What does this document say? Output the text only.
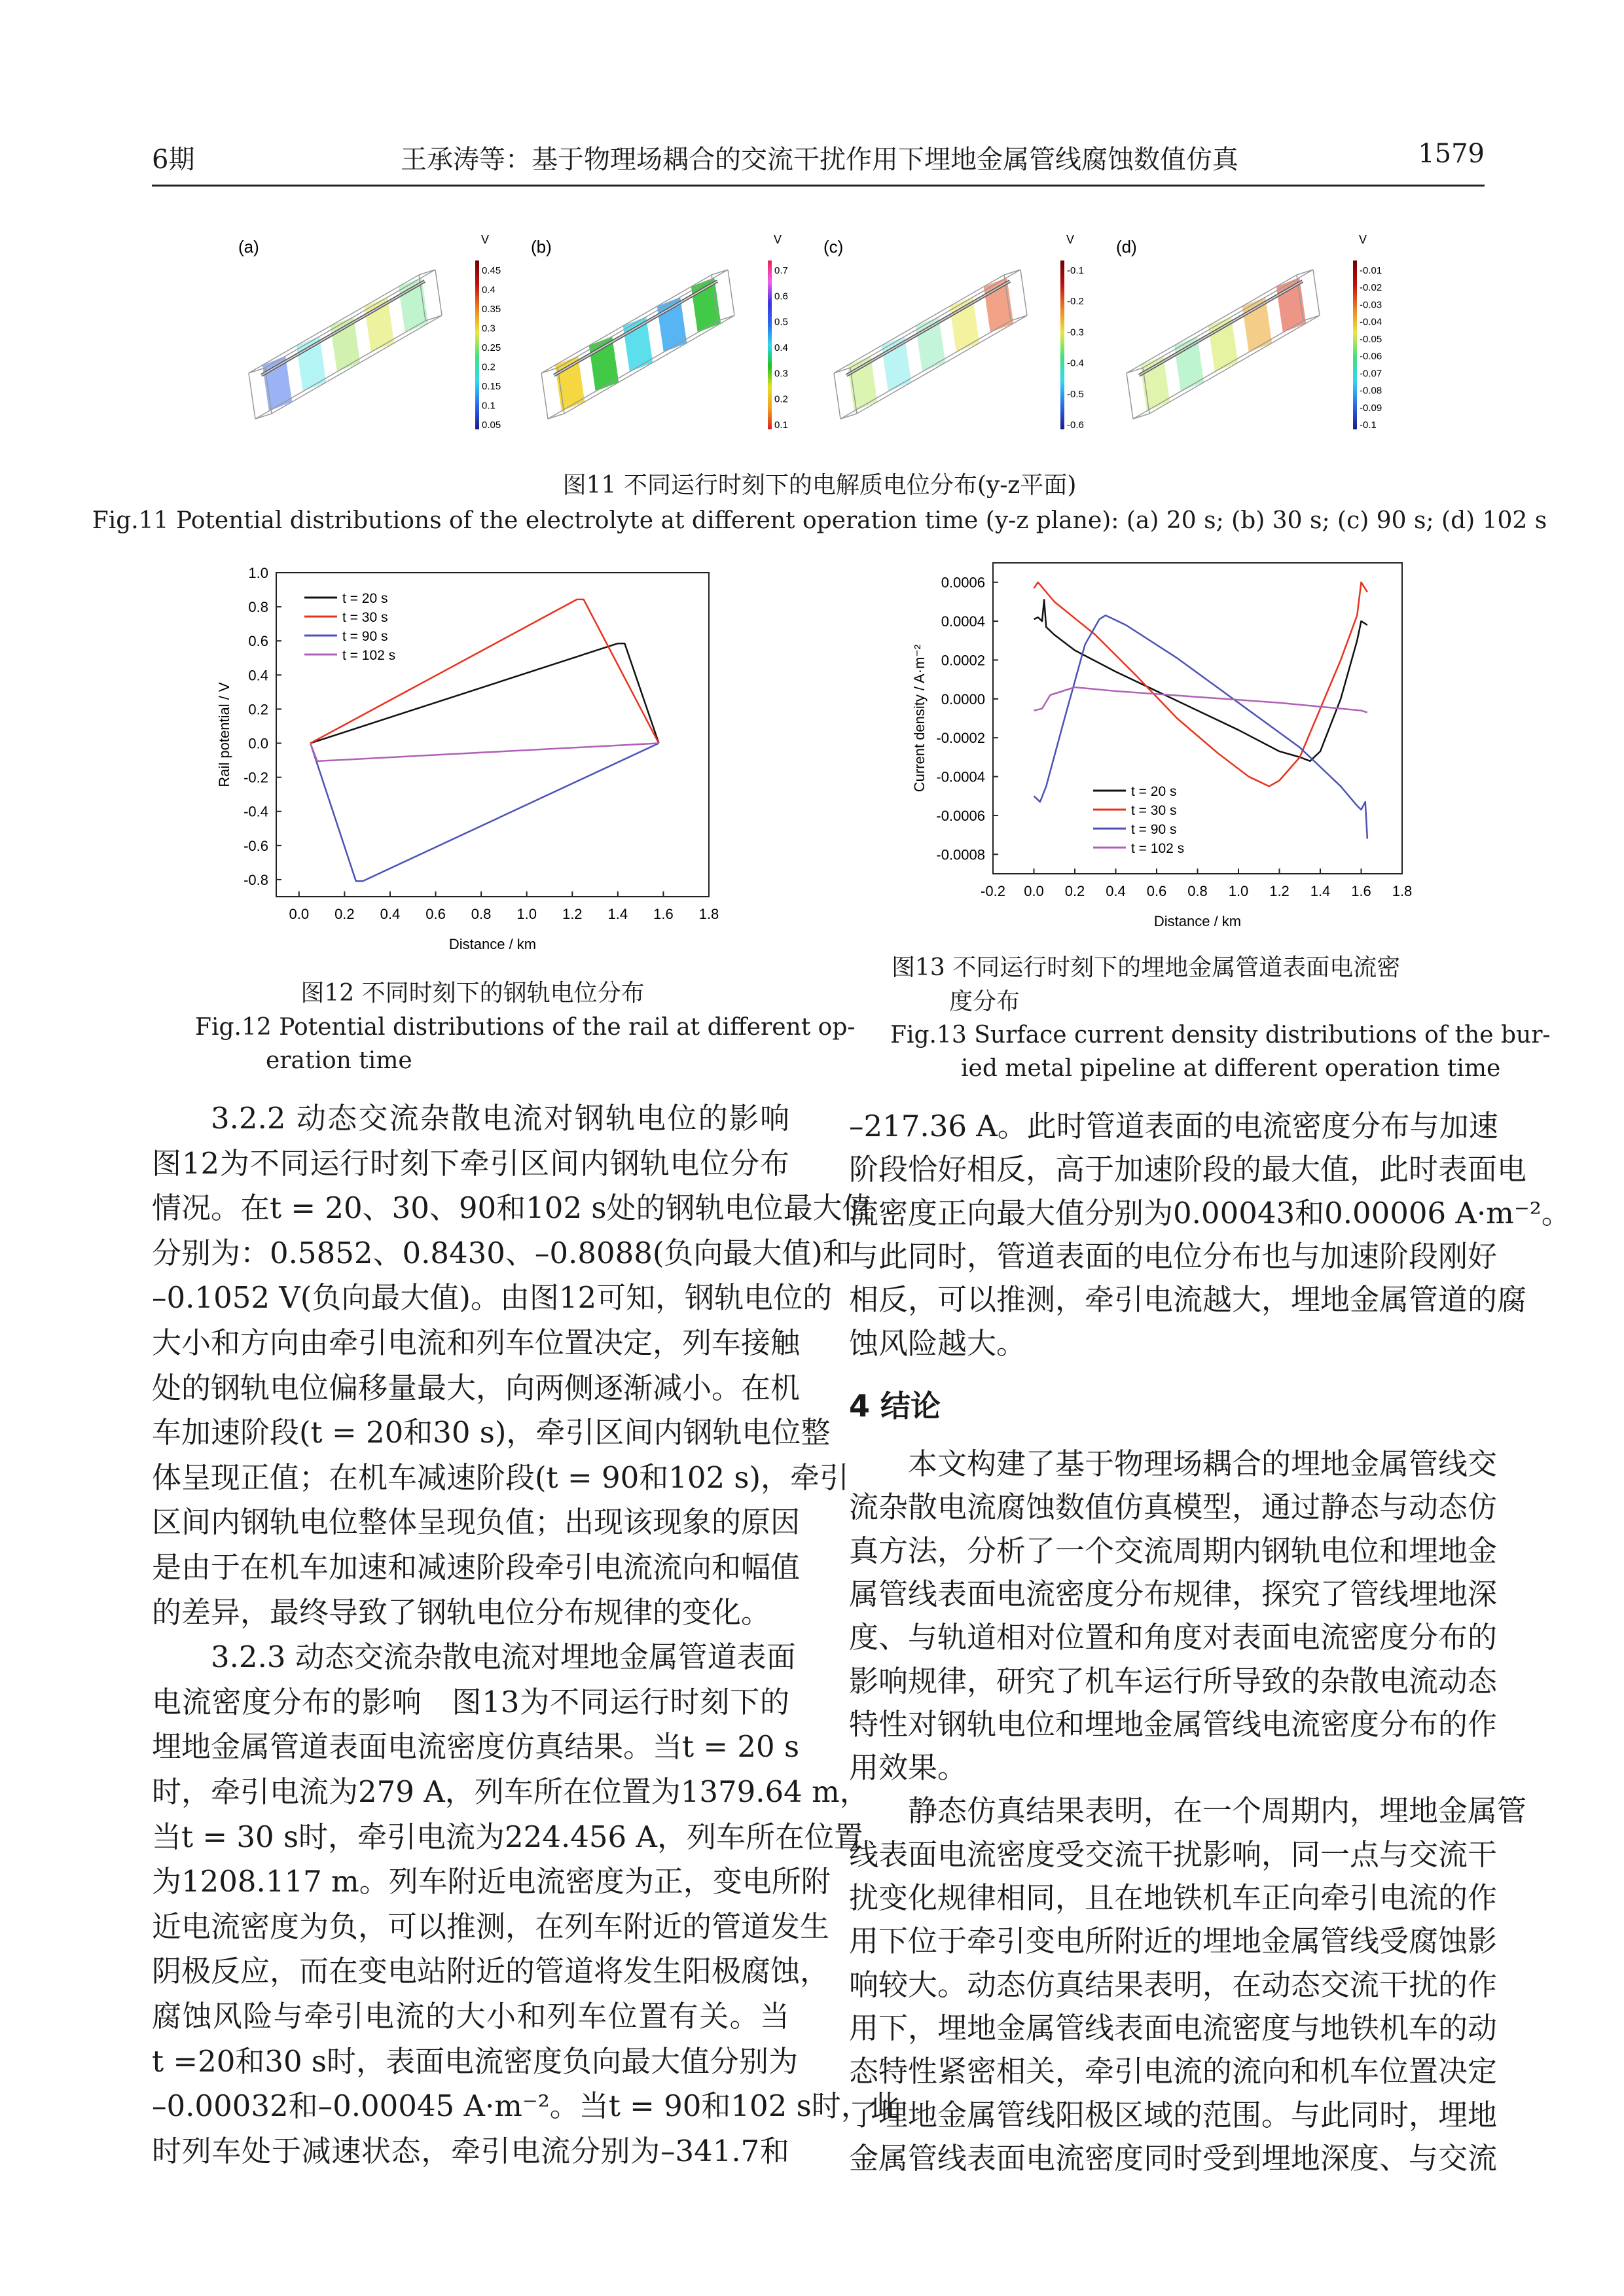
6期	王承涛等：基于物理场耦合的交流干扰作用下埋地金属管线腐蚀数值仿真	1579
(a)	V
0.45
0.4
0.35
0.3
0.25
0.2
0.15
0.1
0.05
(b)	V
0.7
0.6
0.5
0.4
0.3
0.2
0.1
(c)	V
-0.1
-0.2
-0.3
-0.4
-0.5
-0.6
(d)	V
-0.01
-0.02
-0.03
-0.04
-0.05
-0.06
-0.07
-0.08
-0.09
-0.1
图11 不同运行时刻下的电解质电位分布(y-z平面)
Fig.11 Potential distributions of the electrolyte at different operation time (y-z plane): (a) 20 s; (b) 30 s; (c) 90 s; (d) 102 s
0.0 0.2 0.4 0.6 0.8 1.0 1.2 1.4 1.6 1.8
1.0
0.8
0.6
0.4
0.2
0.0
-0.2
-0.4
-0.6
-0.8
Distance / km
Rail potential / V
t = 20 s
t = 30 s
t = 90 s
t = 102 s
-0.2 0.0 0.2 0.4 0.6 0.8 1.0 1.2 1.4 1.6 1.8
0.0006
0.0004
0.0002
0.0000
-0.0002
-0.0004
-0.0006
-0.0008
Distance / km
Current density / A·m⁻²	t = 20 s
t = 30 s
t = 90 s
t = 102 s
图12 不同时刻下的钢轨电位分布
Fig.12 Potential distributions of the rail at different op-
eration time
图13 不同运行时刻下的埋地金属管道表面电流密
度分布
Fig.13 Surface current density distributions of the bur-
ied metal pipeline at different operation time
3.2.2 动态交流杂散电流对钢轨电位的影响
图12为不同运行时刻下牵引区间内钢轨电位分布
情况。在t = 20、30、90和102 s处的钢轨电位最大值
分别为：0.5852、0.8430、–0.8088(负向最大值)和
–0.1052 V(负向最大值)。由图12可知，钢轨电位的
大小和方向由牵引电流和列车位置决定，列车接触
处的钢轨电位偏移量最大，向两侧逐渐减小。在机
车加速阶段(t = 20和30 s)，牵引区间内钢轨电位整
体呈现正值；在机车减速阶段(t = 90和102 s)，牵引
区间内钢轨电位整体呈现负值；出现该现象的原因
是由于在机车加速和减速阶段牵引电流流向和幅值
的差异，最终导致了钢轨电位分布规律的变化。
3.2.3 动态交流杂散电流对埋地金属管道表面
电流密度分布的影响　图13为不同运行时刻下的
埋地金属管道表面电流密度仿真结果。当t = 20 s
时，牵引电流为279 A，列车所在位置为1379.64 m，
当t = 30 s时，牵引电流为224.456 A，列车所在位置
为1208.117 m。列车附近电流密度为正，变电所附
近电流密度为负，可以推测，在列车附近的管道发生
阴极反应，而在变电站附近的管道将发生阳极腐蚀，
腐蚀风险与牵引电流的大小和列车位置有关。当
t =20和30 s时，表面电流密度负向最大值分别为
–0.00032和–0.00045 A·m⁻²。当t = 90和102 s时，此
时列车处于减速状态，牵引电流分别为–341.7和
–217.36 A。此时管道表面的电流密度分布与加速
阶段恰好相反，高于加速阶段的最大值，此时表面电
流密度正向最大值分别为0.00043和0.00006 A·m⁻²。
与此同时，管道表面的电位分布也与加速阶段刚好
相反，可以推测，牵引电流越大，埋地金属管道的腐
蚀风险越大。
本文构建了基于物理场耦合的埋地金属管线交
流杂散电流腐蚀数值仿真模型，通过静态与动态仿
真方法，分析了一个交流周期内钢轨电位和埋地金
属管线表面电流密度分布规律，探究了管线埋地深
度、与轨道相对位置和角度对表面电流密度分布的
影响规律，研究了机车运行所导致的杂散电流动态
特性对钢轨电位和埋地金属管线电流密度分布的作
用效果。
静态仿真结果表明，在一个周期内，埋地金属管
线表面电流密度受交流干扰影响，同一点与交流干
扰变化规律相同，且在地铁机车正向牵引电流的作
用下位于牵引变电所附近的埋地金属管线受腐蚀影
响较大。动态仿真结果表明，在动态交流干扰的作
用下，埋地金属管线表面电流密度与地铁机车的动
态特性紧密相关，牵引电流的流向和机车位置决定
了埋地金属管线阳极区域的范围。与此同时，埋地
金属管线表面电流密度同时受到埋地深度、与交流
4 结论
